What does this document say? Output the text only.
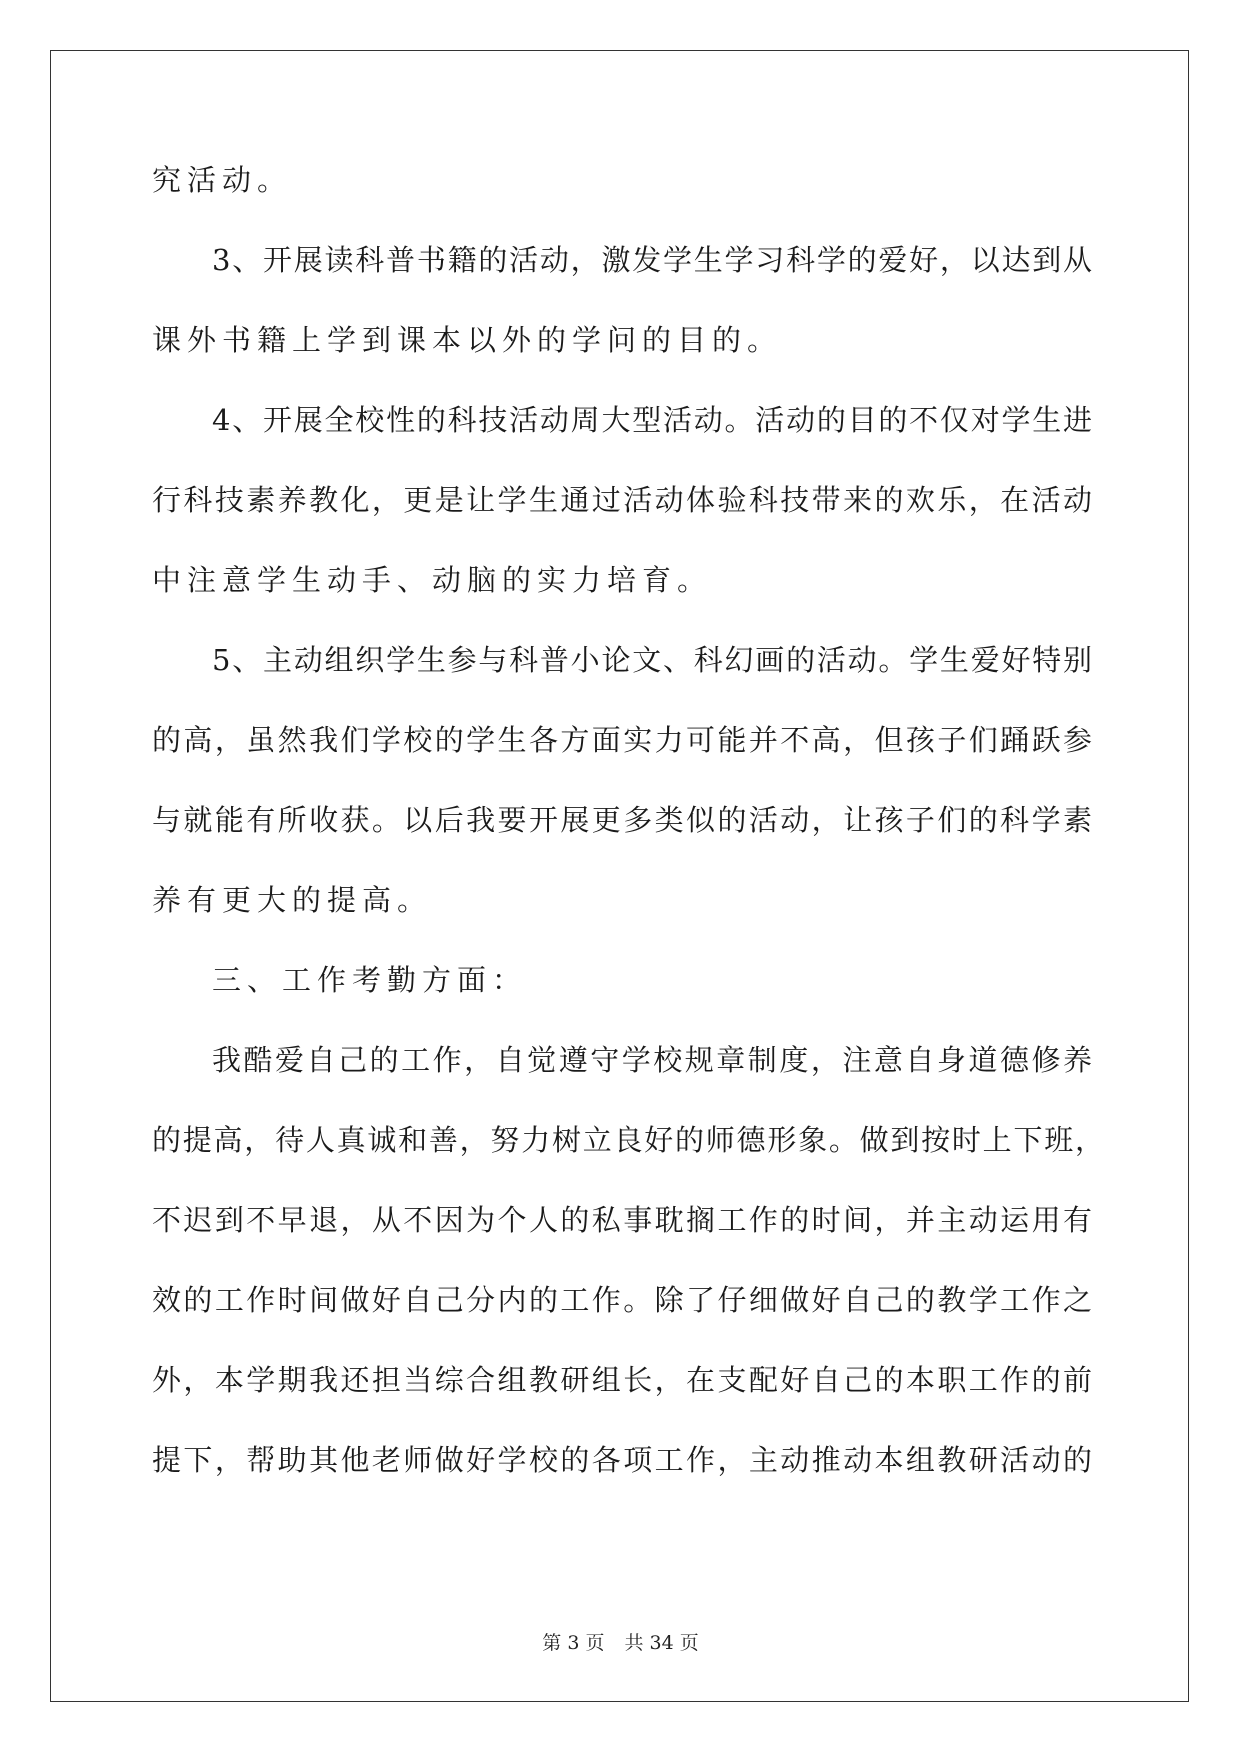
究活动。
3、开展读科普书籍的活动，激发学生学习科学的爱好，以达到从
课外书籍上学到课本以外的学问的目的。
4、开展全校性的科技活动周大型活动。活动的目的不仅对学生进
行科技素养教化，更是让学生通过活动体验科技带来的欢乐，在活动
中注意学生动手、动脑的实力培育。
5、主动组织学生参与科普小论文、科幻画的活动。学生爱好特别
的高，虽然我们学校的学生各方面实力可能并不高，但孩子们踊跃参
与就能有所收获。以后我要开展更多类似的活动，让孩子们的科学素
养有更大的提高。
三、工作考勤方面：
我酷爱自己的工作，自觉遵守学校规章制度，注意自身道德修养
的提高，待人真诚和善，努力树立良好的师德形象。做到按时上下班，
不迟到不早退，从不因为个人的私事耽搁工作的时间，并主动运用有
效的工作时间做好自己分内的工作。除了仔细做好自己的教学工作之
外，本学期我还担当综合组教研组长，在支配好自己的本职工作的前
提下，帮助其他老师做好学校的各项工作，主动推动本组教研活动的
第 3 页 共 34 页
